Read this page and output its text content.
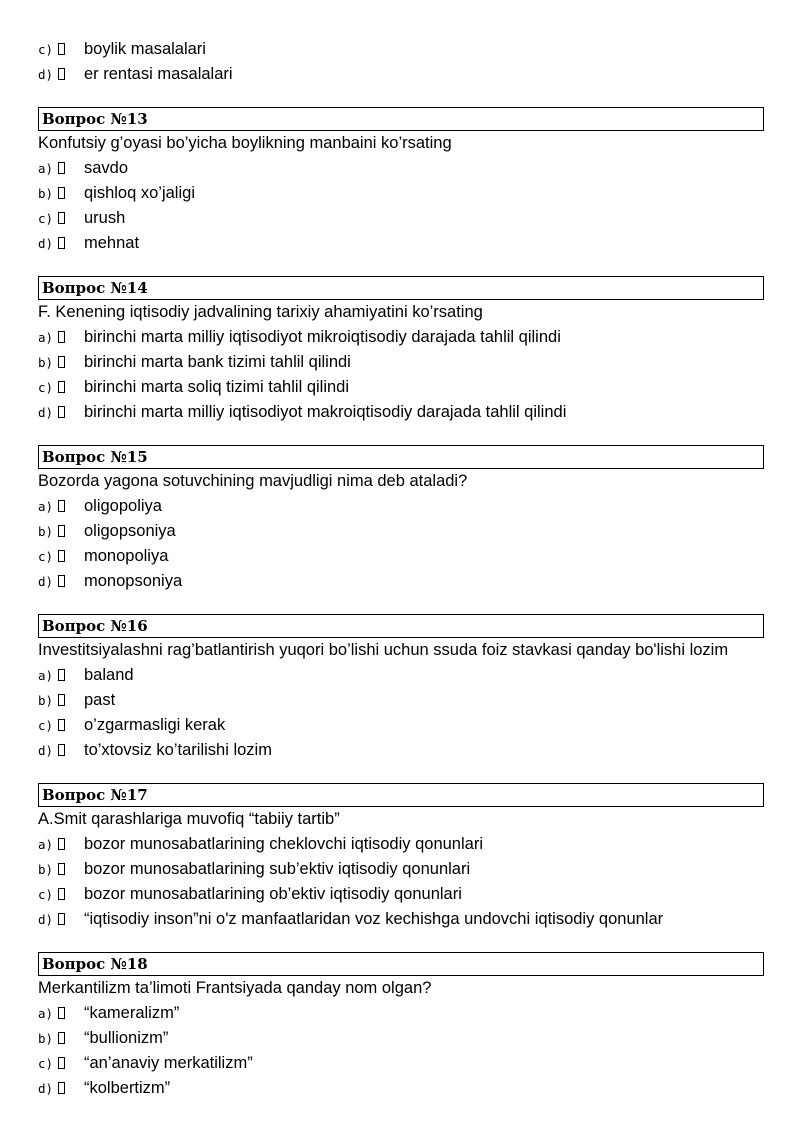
c) boylik masalalari
d) er rentasi masalalari
Вопрос №13
Konfutsiy g’oyasi bo’yicha boylikning manbaini ko’rsating
a) savdo
b) qishloq xo’jaligi
c) urush
d) mehnat
Вопрос №14
F. Kenening iqtisodiy jadvalining tarixiy ahamiyatini ko’rsating
a) birinchi marta milliy iqtisodiyot mikroiqtisodiy darajada tahlil qilindi
b) birinchi marta bank tizimi tahlil qilindi
c) birinchi marta soliq tizimi tahlil qilindi
d) birinchi marta milliy iqtisodiyot makroiqtisodiy darajada tahlil qilindi
Вопрос №15
Bozorda yagona sotuvchining mavjudligi nima deb ataladi?
a) oligopoliya
b) oligopsoniya
c) monopoliya
d) monopsoniya
Вопрос №16
Investitsiyalashni rag’batlantirish yuqori bo’lishi uchun ssuda foiz stavkasi qanday bo'lishi lozim
a) baland
b) past
c) o’zgarmasligi kerak
d) to’xtovsiz ko’tarilishi lozim
Вопрос №17
A.Smit qarashlariga muvofiq “tabiiy tartib”
a) bozor munosabatlarining cheklovchi iqtisodiy qonunlari
b) bozor munosabatlarining sub’ektiv iqtisodiy qonunlari
c) bozor munosabatlarining ob’ektiv iqtisodiy qonunlari
d) “iqtisodiy inson”ni o'z manfaatlaridan voz kechishga undovchi iqtisodiy qonunlar
Вопрос №18
Merkantilizm ta’limoti Frantsiyada qanday nom olgan?
a) “kameralizm”
b) “bullionizm”
c) “an’anaviy merkatilizm”
d) “kolbertizm”
